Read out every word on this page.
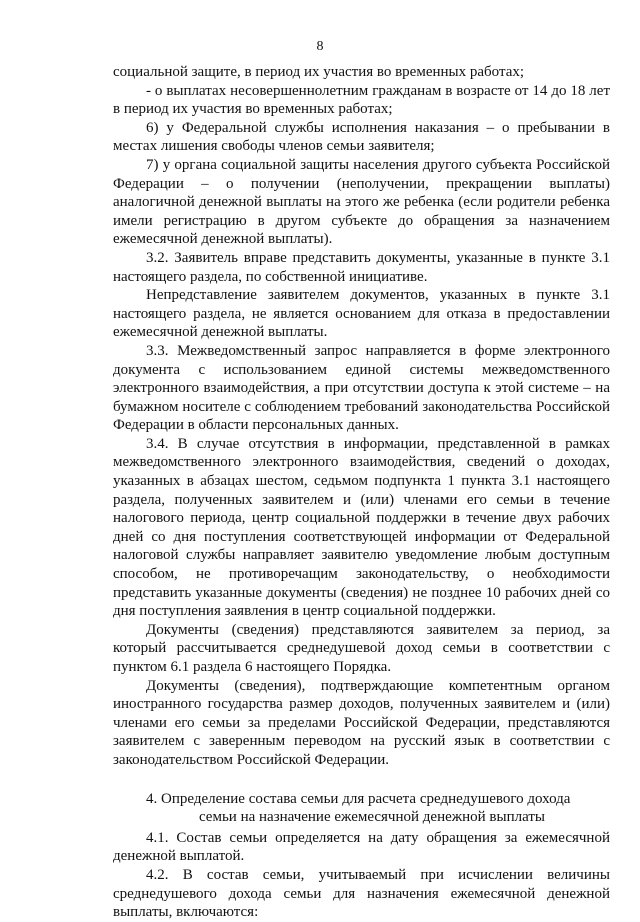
8

социальной защите, в период их участия во временных работах;

- о выплатах несовершеннолетним гражданам в возрасте от 14 до 18 лет в период их участия во временных работах;

6) у Федеральной службы исполнения наказания – о пребывании в местах лишения свободы членов семьи заявителя;

7) у органа социальной защиты населения другого субъекта Российской Федерации – о получении (неполучении, прекращении выплаты) аналогичной денежной выплаты на этого же ребенка (если родители ребенка имели регистрацию в другом субъекте до обращения за назначением ежемесячной денежной выплаты).

3.2. Заявитель вправе представить документы, указанные в пункте 3.1 настоящего раздела, по собственной инициативе.

Непредставление заявителем документов, указанных в пункте 3.1 настоящего раздела, не является основанием для отказа в предоставлении ежемесячной денежной выплаты.

3.3. Межведомственный запрос направляется в форме электронного документа с использованием единой системы межведомственного электронного взаимодействия, а при отсутствии доступа к этой системе – на бумажном носителе с соблюдением требований законодательства Российской Федерации в области персональных данных.

3.4. В случае отсутствия в информации, представленной в рамках межведомственного электронного взаимодействия, сведений о доходах, указанных в абзацах шестом, седьмом подпункта 1 пункта 3.1 настоящего раздела, полученных заявителем и (или) членами его семьи в течение налогового периода, центр социальной поддержки в течение двух рабочих дней со дня поступления соответствующей информации от Федеральной налоговой службы направляет заявителю уведомление любым доступным способом, не противоречащим законодательству, о необходимости представить указанные документы (сведения) не позднее 10 рабочих дней со дня поступления заявления в центр социальной поддержки.

Документы (сведения) представляются заявителем за период, за который рассчитывается среднедушевой доход семьи в соответствии с пунктом 6.1 раздела 6 настоящего Порядка.

Документы (сведения), подтверждающие компетентным органом иностранного государства размер доходов, полученных заявителем и (или) членами его семьи за пределами Российской Федерации, представляются заявителем с заверенным переводом на русский язык в соответствии с законодательством Российской Федерации.

4. Определение состава семьи для расчета среднедушевого дохода
семьи на назначение ежемесячной денежной выплаты

4.1. Состав семьи определяется на дату обращения за ежемесячной денежной выплатой.

4.2. В состав семьи, учитываемый при исчислении величины среднедушевого дохода семьи для назначения ежемесячной денежной выплаты, включаются:
